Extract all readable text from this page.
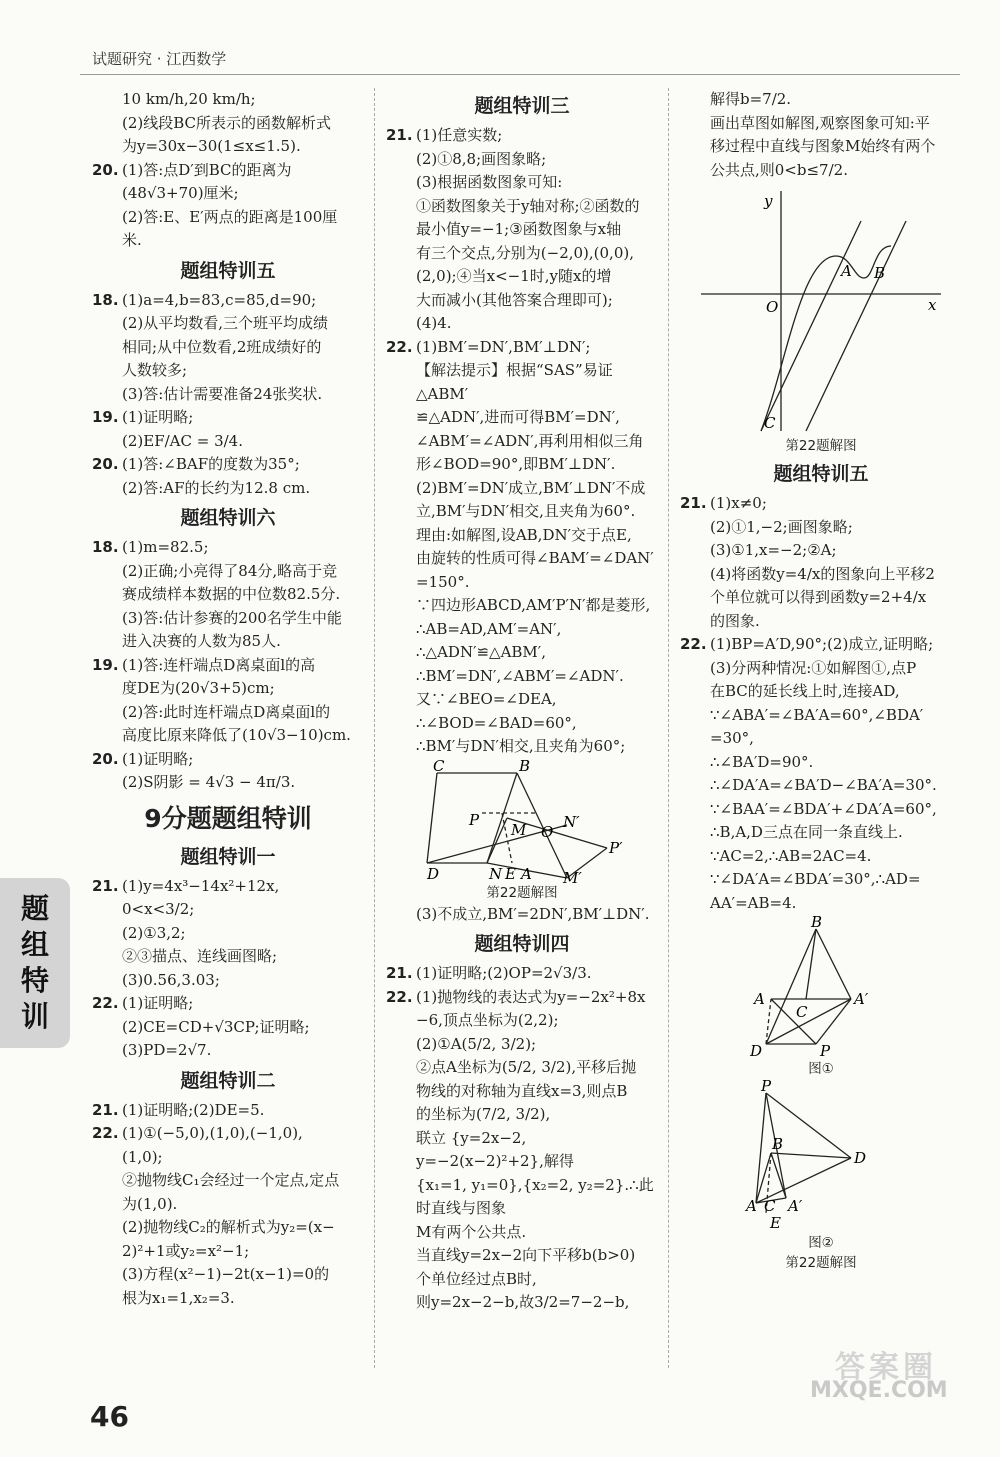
试题研究 · 江西数学
10 km/h,20 km/h;
(2)线段BC所表示的函数解析式
为y=30x−30(1≤x≤1.5).
20. (1)答:点D′到BC的距离为
(48√3+70)厘米;
(2)答:E、E′两点的距离是100厘
米.
题组特训五
18. (1)a=4,b=83,c=85,d=90;
(2)从平均数看,三个班平均成绩
相同;从中位数看,2班成绩好的
人数较多;
(3)答:估计需要准备24张奖状.
19. (1)证明略;
(2)EF/AC = 3/4.
20. (1)答:∠BAF的度数为35°;
(2)答:AF的长约为12.8 cm.
题组特训六
18. (1)m=82.5;
(2)正确;小亮得了84分,略高于竞
赛成绩样本数据的中位数82.5分.
(3)答:估计参赛的200名学生中能
进入决赛的人数为85人.
19. (1)答:连杆端点D离桌面l的高
度DE为(20√3+5)cm;
(2)答:此时连杆端点D离桌面l的
高度比原来降低了(10√3−10)cm.
20. (1)证明略;
(2)S阴影 = 4√3 − 4π/3.
9分题题组特训
题组特训一
21. (1)y=4x³−14x²+12x,
0<x<3/2;
(2)①3,2;
②③描点、连线画图略;
(3)0.56,3.03;
22. (1)证明略;
(2)CE=CD+√3CP;证明略;
(3)PD=2√7.
题组特训二
21. (1)证明略;(2)DE=5.
22. (1)①(−5,0),(1,0),(−1,0),
(1,0);
②抛物线C₁会经过一个定点,定点
为(1,0).
(2)抛物线C₂的解析式为y₂=(x−
2)²+1或y₂=x²−1;
(3)方程(x²−1)−2t(x−1)=0的
根为x₁=1,x₂=3.
题组特训三
21. (1)任意实数;
(2)①8,8;画图象略;
(3)根据函数图象可知:
①函数图象关于y轴对称;②函数的
最小值y=−1;③函数图象与x轴
有三个交点,分别为(−2,0),(0,0),
(2,0);④当x<−1时,y随x的增
大而减小(其他答案合理即可);
(4)4.
22. (1)BM′=DN′,BM′⊥DN′;
【解法提示】根据“SAS”易证△ABM′
≌△ADN′,进而可得BM′=DN′,
∠ABM′=∠ADN′,再利用相似三角
形∠BOD=90°,即BM′⊥DN′.
(2)BM′=DN′成立,BM′⊥DN′不成
立,BM′与DN′相交,且夹角为60°.
理由:如解图,设AB,DN′交于点E,
由旋转的性质可得∠BAM′=∠DAN′
=150°.
∵四边形ABCD,AM′P′N′都是菱形,
∴AB=AD,AM′=AN′,
∴△ADN′≌△ABM′,
∴BM′=DN′,∠ABM′=∠ADN′.
又∵∠BEO=∠DEA,
∴∠BOD=∠BAD=60°,
∴BM′与DN′相交,且夹角为60°;
C	B
P
M O
N′
P′
D	N E A M′
第22题解图
(3)不成立,BM′=2DN′,BM′⊥DN′.
题组特训四
21. (1)证明略;(2)OP=2√3/3.
22. (1)抛物线的表达式为y=−2x²+8x
−6,顶点坐标为(2,2);
(2)①A(5/2, 3/2);
②点A坐标为(5/2, 3/2),平移后抛
物线的对称轴为直线x=3,则点B
的坐标为(7/2, 3/2),
联立 {y=2x−2, y=−2(x−2)²+2},解得
{x₁=1, y₁=0},{x₂=2, y₂=2}.∴此时直线与图象
M有两个公共点.
当直线y=2x−2向下平移b(b>0)
个单位经过点B时,
则y=2x−2−b,故3/2=7−2−b,
解得b=7/2.
画出草图如解图,观察图象可知:平
移过程中直线与图象M始终有两个
公共点,则0<b≤7/2.
y
x
O
A B
C
第22题解图
题组特训五
21. (1)x≠0;
(2)①1,−2;画图象略;
(3)①1,x=−2;②A;
(4)将函数y=4/x的图象向上平移2
个单位就可以得到函数y=2+4/x
的图象.
22. (1)BP=A′D,90°;(2)成立,证明略;
(3)分两种情况:①如解图①,点P
在BC的延长线上时,连接AD,
∵∠ABA′=∠BA′A=60°,∠BDA′
=30°,
∴∠BA′D=90°.
∴∠DA′A=∠BA′D−∠BA′A=30°.
∵∠BAA′=∠BDA′+∠DA′A=60°,
∴B,A,D三点在同一条直线上.
∵AC=2,∴AB=2AC=4.
∵∠DA′A=∠BDA′=30°,∴AD=
AA′=AB=4.
B
A	A′
C
D	P
图①
P
B
D
A C A′
E
图②
第22题解图
题
组
特
训
46
答案圈
MXQE.COM
